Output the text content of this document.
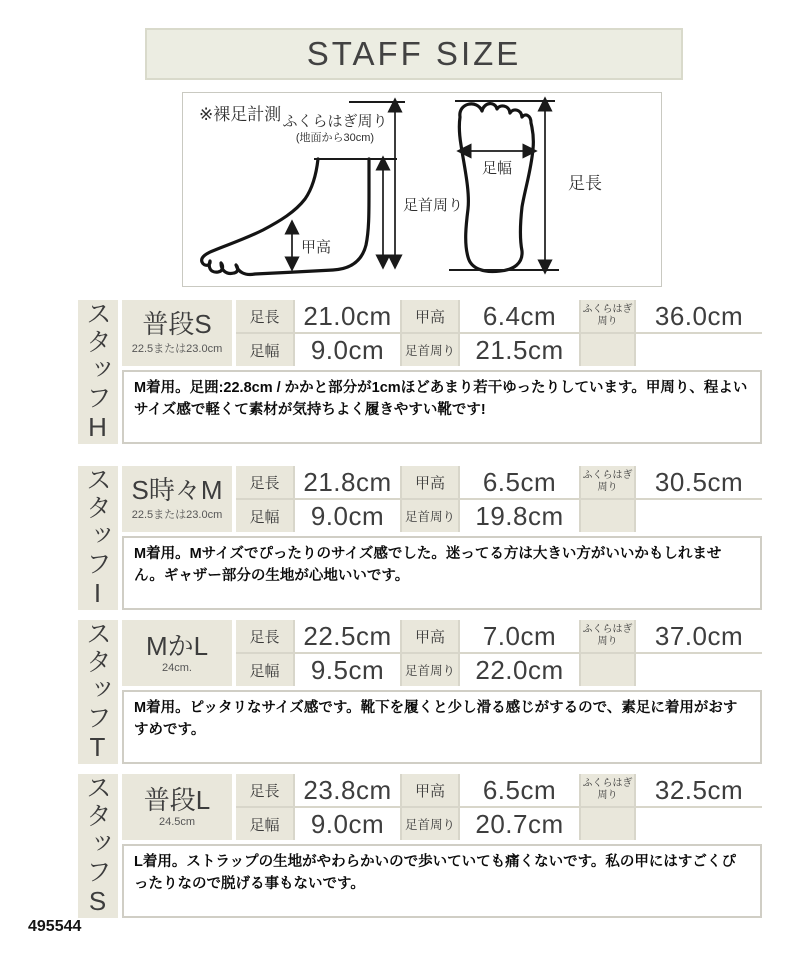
STAFF SIZE
※裸足計測 ふくらはぎ周り
(地面から30cm)
足首周り
甲高
足幅
足長
スタッフH 普段S
22.5または23.0cm
足長 21.0cm	甲高	6.4cm	ふくらはぎ
周り	36.0cm
足幅	9.0cm	足首周り 21.5cm
M着用。足囲:22.8cm / かかと部分が1cmほどあまり若干ゆったりしています。甲周り、程よいサイズ感で軽くて素材が気持ちよく履きやすい靴です!
スタッフI S時々M
22.5または23.0cm
足長 21.8cm	甲高	6.5cm	ふくらはぎ
周り	30.5cm
足幅	9.0cm	足首周り 19.8cm
M着用。Mサイズでぴったりのサイズ感でした。迷ってる方は大きい方がいいかもしれません。ギャザー部分の生地が心地いいです。
スタッフT MかL
24cm.
足長 22.5cm	甲高	7.0cm	ふくらはぎ
周り	37.0cm
足幅	9.5cm	足首周り 22.0cm
M着用。ピッタリなサイズ感です。靴下を履くと少し滑る感じがするので、素足に着用がおすすめです。
スタッフS 普段L
24.5cm
足長 23.8cm	甲高	6.5cm	ふくらはぎ
周り	32.5cm
足幅	9.0cm	足首周り 20.7cm
L着用。ストラップの生地がやわらかいので歩いていても痛くないです。私の甲にはすごくぴったりなので脱げる事もないです。
495544
